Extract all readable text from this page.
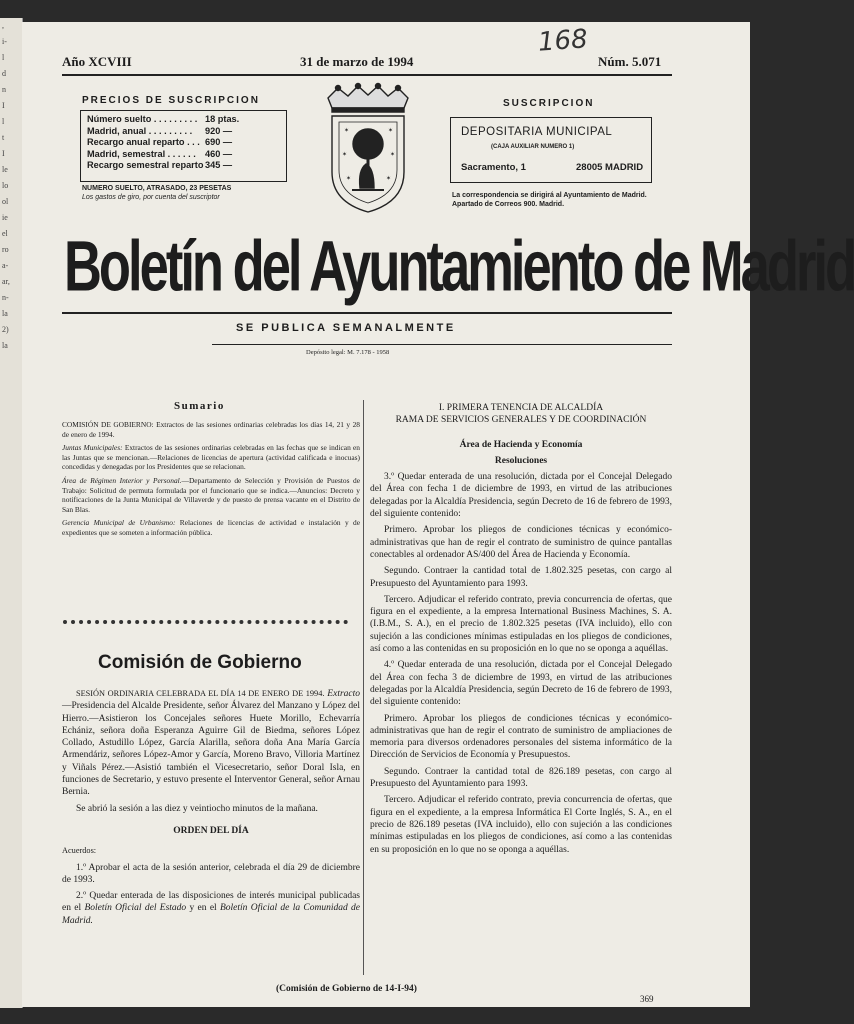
,
i-
l
d
n
I
l
t
I
le
lo
ol
ie
el
ro
a-
ar,
n-
la
2)
la
Año XCVIII	31 de marzo de 1994	Núm. 5.071
168
PRECIOS DE SUSCRIPCION
Número suelto . . . . . . . . . 18 ptas.
Madrid, anual . . . . . . . . .	920 —
Recargo anual reparto . . . 690 —
Madrid, semestral . . . . . .	460 —
Recargo semestral reparto 345 —
NUMERO SUELTO, ATRASADO, 23 PESETAS
Los gastos de giro, por cuenta del suscriptor
✶	✶
✶	✶
✶	✶
SUSCRIPCION
DEPOSITARIA MUNICIPAL
(CAJA AUXILIAR NUMERO 1)
Sacramento, 1	28005 MADRID
La correspondencia se dirigirá al Ayuntamiento de Madrid. Apartado de Correos 900. Madrid.
Boletín del Ayuntamiento de Madrid
SE PUBLICA SEMANALMENTE
Depósito legal: M. 7.178 - 1958
Sumario

COMISIÓN DE GOBIERNO: Extractos de las sesiones ordinarias celebradas los días 14, 21 y 28 de enero de 1994.

Juntas Municipales: Extractos de las sesiones ordinarias celebradas en las fechas que se indican en las Juntas que se mencionan.—Relaciones de licencias de apertura (actividad calificada e inocuas) concedidas y denegadas por los Presidentes que se relacionan.

Área de Régimen Interior y Personal.—Departamento de Selección y Provisión de Puestos de Trabajo: Solicitud de permuta formulada por el funcionario que se indica.—Anuncios: Decreto y notificaciones de la Junta Municipal de Villaverde y de puesto de prensa vacante en el Distrito de San Blas.

Gerencia Municipal de Urbanismo: Relaciones de licencias de actividad e instalación y de expedientes que se someten a información pública.

Comisión de Gobierno

SESIÓN ORDINARIA CELEBRADA EL DÍA 14 DE ENERO DE 1994. Extracto—Presidencia del Alcalde Presidente, señor Álvarez del Manzano y López del Hierro.—Asistieron los Concejales señores Huete Morillo, Echevarría Echániz, señora doña Esperanza Aguirre Gil de Biedma, señores López Collado, Astudillo López, García Alarilla, señora doña Ana María García Armendáriz, señores López-Amor y García, Moreno Bravo, Villoria Martínez y Viñals Pérez.—Asistió también el Vicesecretario, señor Doral Isla, en funciones de Secretario, y estuvo presente el Interventor General, señor Arnau Bernia.

Se abrió la sesión a las diez y veintiocho minutos de la mañana.

ORDEN DEL DÍA

Acuerdos:

1.º Aprobar el acta de la sesión anterior, celebrada el día 29 de diciembre de 1993.

2.º Quedar enterada de las disposiciones de interés municipal publicadas en el Boletín Oficial del Estado y en el Boletín Oficial de la Comunidad de Madrid.

I. PRIMERA TENENCIA DE ALCALDÍA

RAMA DE SERVICIOS GENERALES Y DE COORDINACIÓN

Área de Hacienda y Economía

Resoluciones

3.º Quedar enterada de una resolución, dictada por el Concejal Delegado del Área con fecha 1 de diciembre de 1993, en virtud de las atribuciones delegadas por la Alcaldía Presidencia, según Decreto de 16 de febrero de 1993, del siguiente contenido:

Primero. Aprobar los pliegos de condiciones técnicas y económico-administrativas que han de regir el contrato de suministro de quince pantallas conectables al ordenador AS/400 del Área de Hacienda y Economía.

Segundo. Contraer la cantidad total de 1.802.325 pesetas, con cargo al Presupuesto del Ayuntamiento para 1993.

Tercero. Adjudicar el referido contrato, previa concurrencia de ofertas, que figura en el expediente, a la empresa International Business Machines, S. A. (I.B.M., S. A.), en el precio de 1.802.325 pesetas (IVA incluido), ello con sujeción a las condiciones mínimas estipuladas en los pliegos de condiciones, así como a las contenidas en su proposición en lo que no se oponga a aquéllas.

4.º Quedar enterada de una resolución, dictada por el Concejal Delegado del Área con fecha 3 de diciembre de 1993, en virtud de las atribuciones delegadas por la Alcaldía Presidencia, según Decreto de 16 de febrero de 1993, del siguiente contenido:

Primero. Aprobar los pliegos de condiciones técnicas y económico-administrativas que han de regir el contrato de suministro de ampliaciones de memoria para diversos ordenadores personales del sistema informático de la Dirección de Servicios de Economía y Presupuestos.

Segundo. Contraer la cantidad total de 826.189 pesetas, con cargo al Presupuesto del Ayuntamiento para 1993.

Tercero. Adjudicar el referido contrato, previa concurrencia de ofertas, que figura en el expediente, a la empresa Informática El Corte Inglés, S. A., en el precio de 826.189 pesetas (IVA incluido), ello con sujeción a las condiciones mínimas estipuladas en los pliegos de condiciones, así como a las contenidas en su proposición en lo que no se oponga a aquéllas.

(Comisión de Gobierno de 14-I-94)
369
